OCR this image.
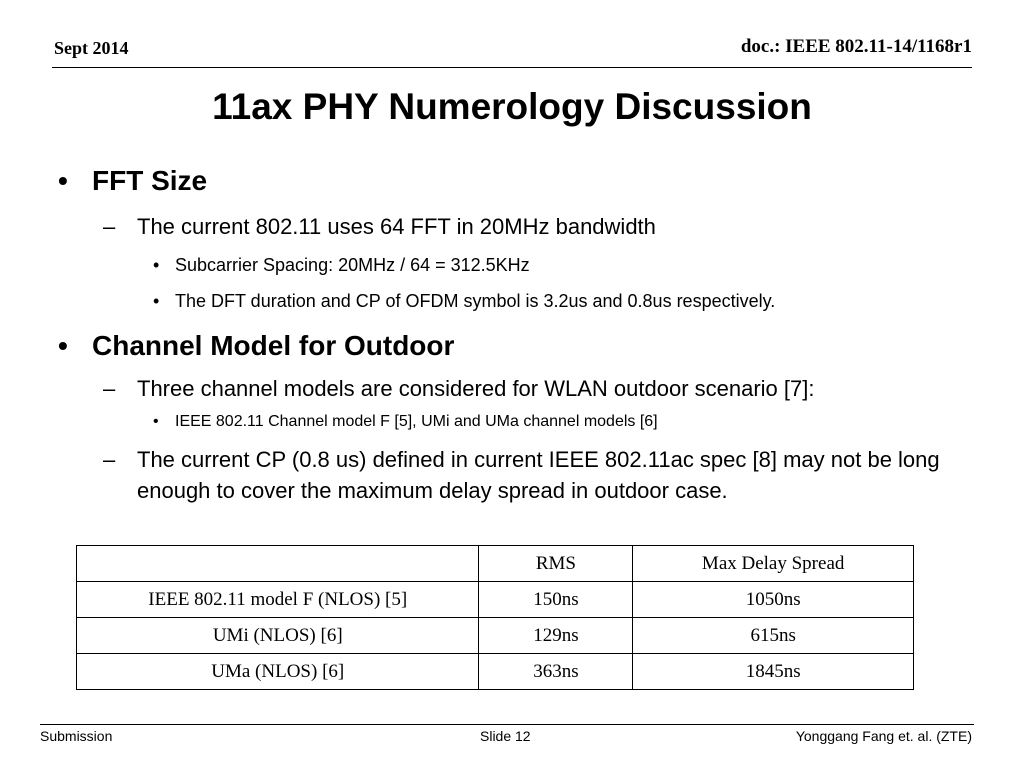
Sept 2014	doc.: IEEE 802.11-14/1168r1
11ax PHY Numerology Discussion
• FFT Size
– The current 802.11 uses 64 FFT in 20MHz bandwidth
• Subcarrier Spacing: 20MHz / 64 = 312.5KHz
• The DFT duration and CP of OFDM symbol is 3.2us and 0.8us respectively.
• Channel Model for Outdoor
– Three channel models are considered for WLAN outdoor scenario [7]:
• IEEE 802.11 Channel model F [5], UMi and UMa channel models [6]
– The current CP (0.8 us) defined in current IEEE 802.11ac spec [8] may not be long enough to cover the maximum delay spread in outdoor case.
	RMS	Max Delay Spread
IEEE 802.11 model F (NLOS) [5]	150ns	1050ns
UMi (NLOS) [6]	129ns	615ns
UMa (NLOS) [6]	363ns	1845ns
Submission	Slide 12	Yonggang Fang et. al. (ZTE)
